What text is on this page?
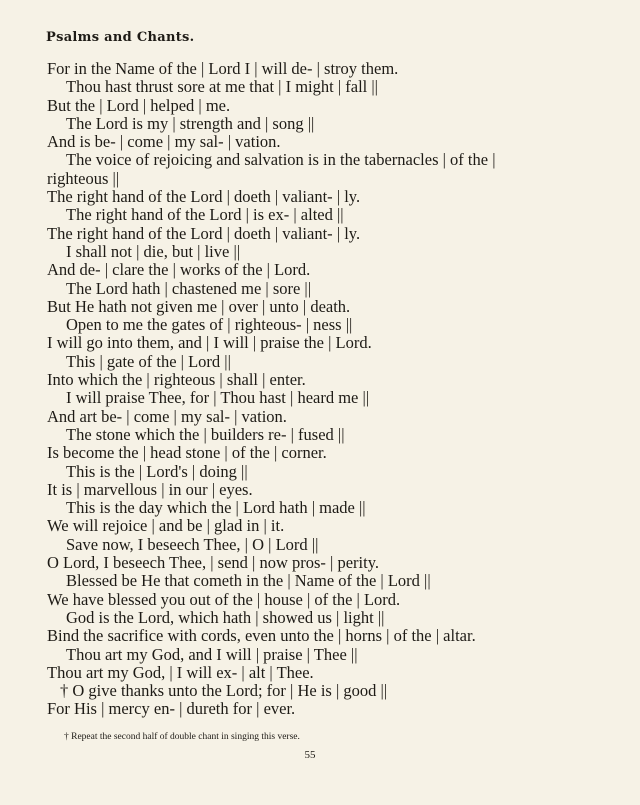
Psalms and Chants.
For in the Name of the | Lord I | will de- | stroy them.
Thou hast thrust sore at me that | I might | fall ||
But the | Lord | helped | me.
The Lord is my | strength and | song ||
And is be- | come | my sal- | vation.
The voice of rejoicing and salvation is in the tabernacles | of the |
righteous ||
The right hand of the Lord | doeth | valiant- | ly.
The right hand of the Lord | is ex- | alted ||
The right hand of the Lord | doeth | valiant- | ly.
I shall not | die, but | live ||
And de- | clare the | works of the | Lord.
The Lord hath | chastened me | sore ||
But He hath not given me | over | unto | death.
Open to me the gates of | righteous- | ness ||
I will go into them, and | I will | praise the | Lord.
This | gate of the | Lord ||
Into which the | righteous | shall | enter.
I will praise Thee, for | Thou hast | heard me ||
And art be- | come | my sal- | vation.
The stone which the | builders re- | fused ||
Is become the | head stone | of the | corner.
This is the | Lord's | doing ||
It is | marvellous | in our | eyes.
This is the day which the | Lord hath | made ||
We will rejoice | and be | glad in | it.
Save now, I beseech Thee, | O | Lord ||
O Lord, I beseech Thee, | send | now pros- | perity.
Blessed be He that cometh in the | Name of the | Lord ||
We have blessed you out of the | house | of the | Lord.
God is the Lord, which hath | showed us | light ||
Bind the sacrifice with cords, even unto the | horns | of the | altar.
Thou art my God, and I will | praise | Thee ||
Thou art my God, | I will ex- | alt | Thee.
† O give thanks unto the Lord; for | He is | good ||
For His | mercy en- | dureth for | ever.
† Repeat the second half of double chant in singing this verse.
55
